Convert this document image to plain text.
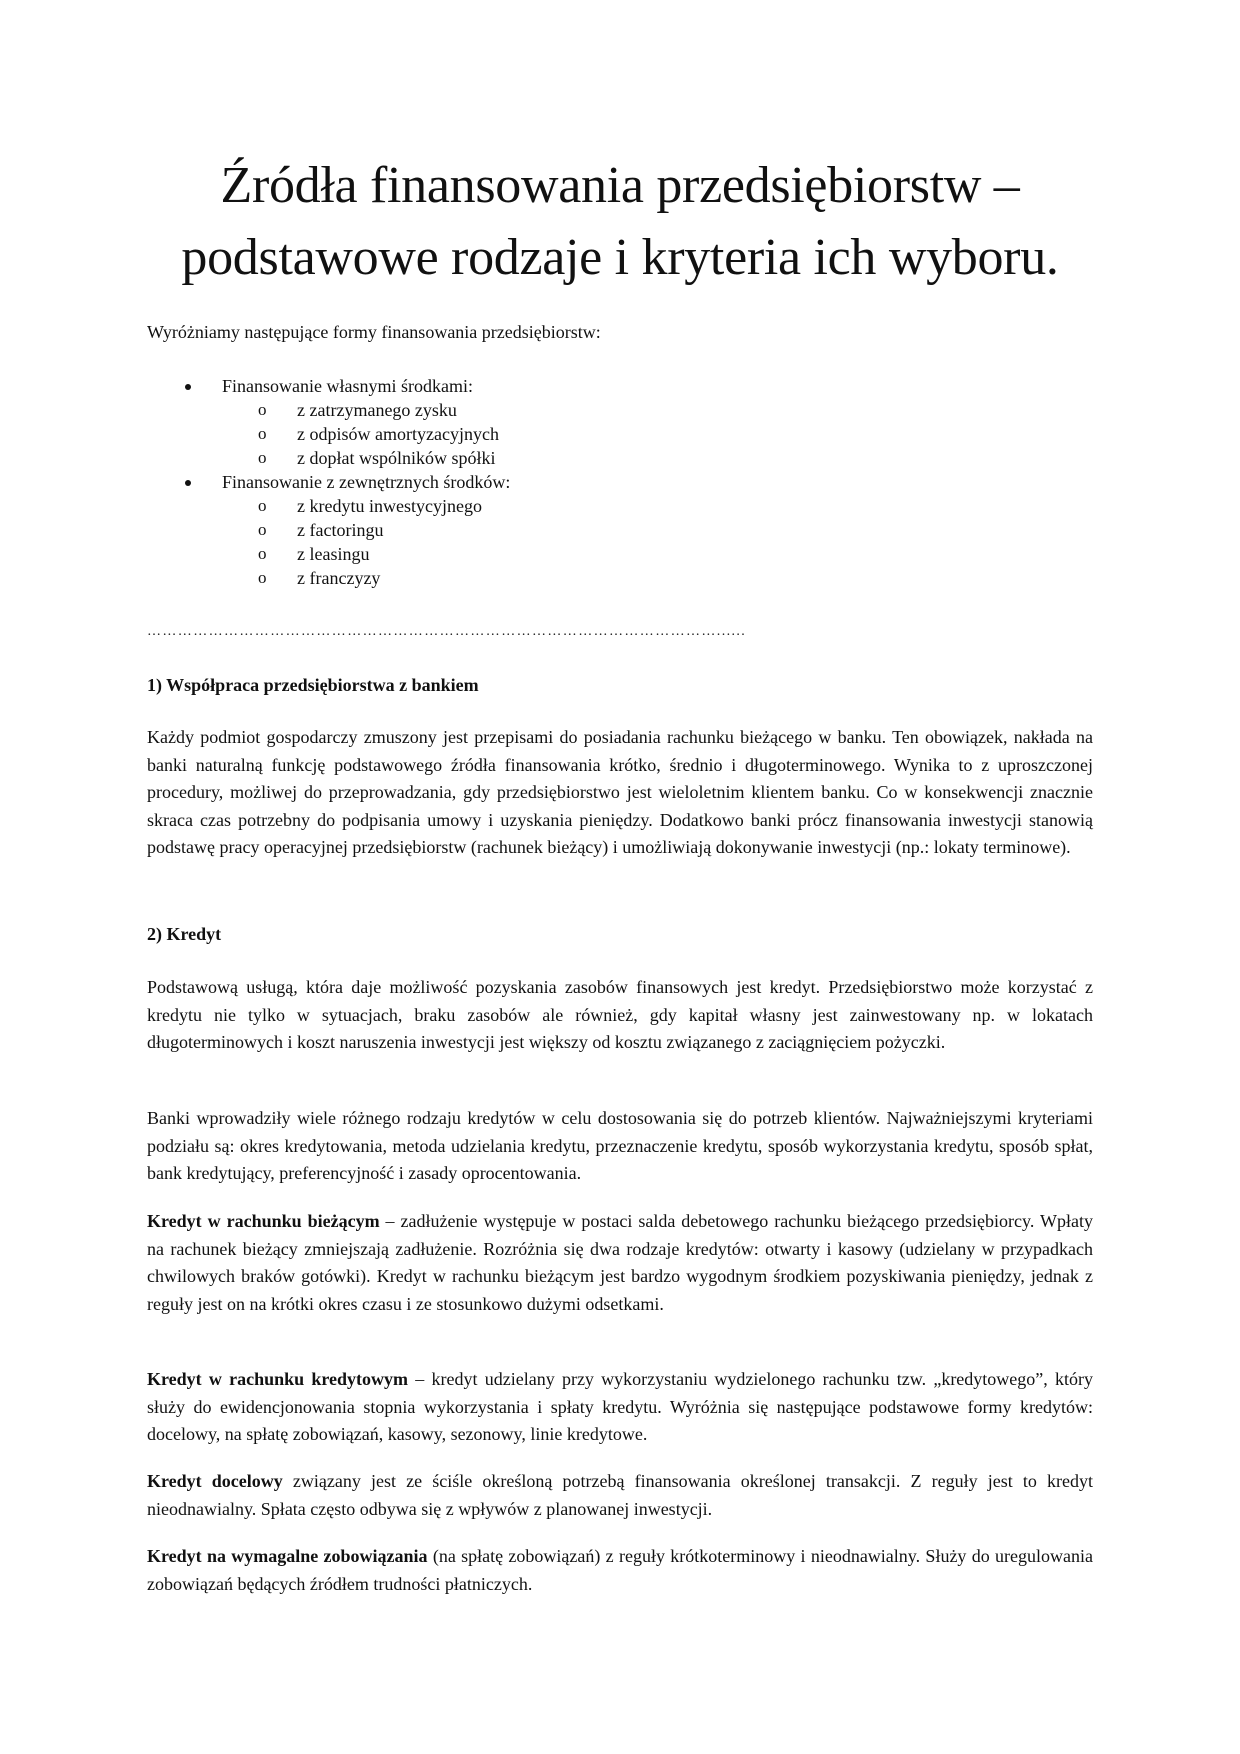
Źródła finansowania przedsiębiorstw –
podstawowe rodzaje i kryteria ich wyboru.

Wyróżniamy następujące formy finansowania przedsiębiorstw:

Finansowanie własnymi środkami:
o z zatrzymanego zysku
o z odpisów amortyzacyjnych
o z dopłat wspólników spółki
Finansowanie z zewnętrznych środków:
o z kredytu inwestycyjnego
o z factoringu
o z leasingu
o z franczyzy
…………………………………………………………………………………………………......
1) Współpraca przedsiębiorstwa z bankiem

Każdy podmiot gospodarczy zmuszony jest przepisami do posiadania rachunku bieżącego w banku. Ten obowiązek, nakłada na banki naturalną funkcję podstawowego źródła finansowania krótko, średnio i długoterminowego. Wynika to z uproszczonej procedury, możliwej do przeprowadzania, gdy przedsiębiorstwo jest wieloletnim klientem banku. Co w konsekwencji znacznie skraca czas potrzebny do podpisania umowy i uzyskania pieniędzy. Dodatkowo banki prócz finansowania inwestycji stanowią podstawę pracy operacyjnej przedsiębiorstw (rachunek bieżący) i umożliwiają dokonywanie inwestycji (np.: lokaty terminowe).

2) Kredyt

Podstawową usługą, która daje możliwość pozyskania zasobów finansowych jest kredyt. Przedsiębiorstwo może korzystać z kredytu nie tylko w sytuacjach, braku zasobów ale również, gdy kapitał własny jest zainwestowany np. w lokatach długoterminowych i koszt naruszenia inwestycji jest większy od kosztu związanego z zaciągnięciem pożyczki.

Banki wprowadziły wiele różnego rodzaju kredytów w celu dostosowania się do potrzeb klientów. Najważniejszymi kryteriami podziału są: okres kredytowania, metoda udzielania kredytu, przeznaczenie kredytu, sposób wykorzystania kredytu, sposób spłat, bank kredytujący, preferencyjność i zasady oprocentowania.

Kredyt w rachunku bieżącym – zadłużenie występuje w postaci salda debetowego rachunku bieżącego przedsiębiorcy. Wpłaty na rachunek bieżący zmniejszają zadłużenie. Rozróżnia się dwa rodzaje kredytów: otwarty i kasowy (udzielany w przypadkach chwilowych braków gotówki). Kredyt w rachunku bieżącym jest bardzo wygodnym środkiem pozyskiwania pieniędzy, jednak z reguły jest on na krótki okres czasu i ze stosunkowo dużymi odsetkami.

Kredyt w rachunku kredytowym – kredyt udzielany przy wykorzystaniu wydzielonego rachunku tzw. „kredytowego”, który służy do ewidencjonowania stopnia wykorzystania i spłaty kredytu. Wyróżnia się następujące podstawowe formy kredytów: docelowy, na spłatę zobowiązań, kasowy, sezonowy, linie kredytowe.

Kredyt docelowy związany jest ze ściśle określoną potrzebą finansowania określonej transakcji. Z reguły jest to kredyt nieodnawialny. Spłata często odbywa się z wpływów z planowanej inwestycji.

Kredyt na wymagalne zobowiązania (na spłatę zobowiązań) z reguły krótkoterminowy i nieodnawialny. Służy do uregulowania zobowiązań będących źródłem trudności płatniczych.
